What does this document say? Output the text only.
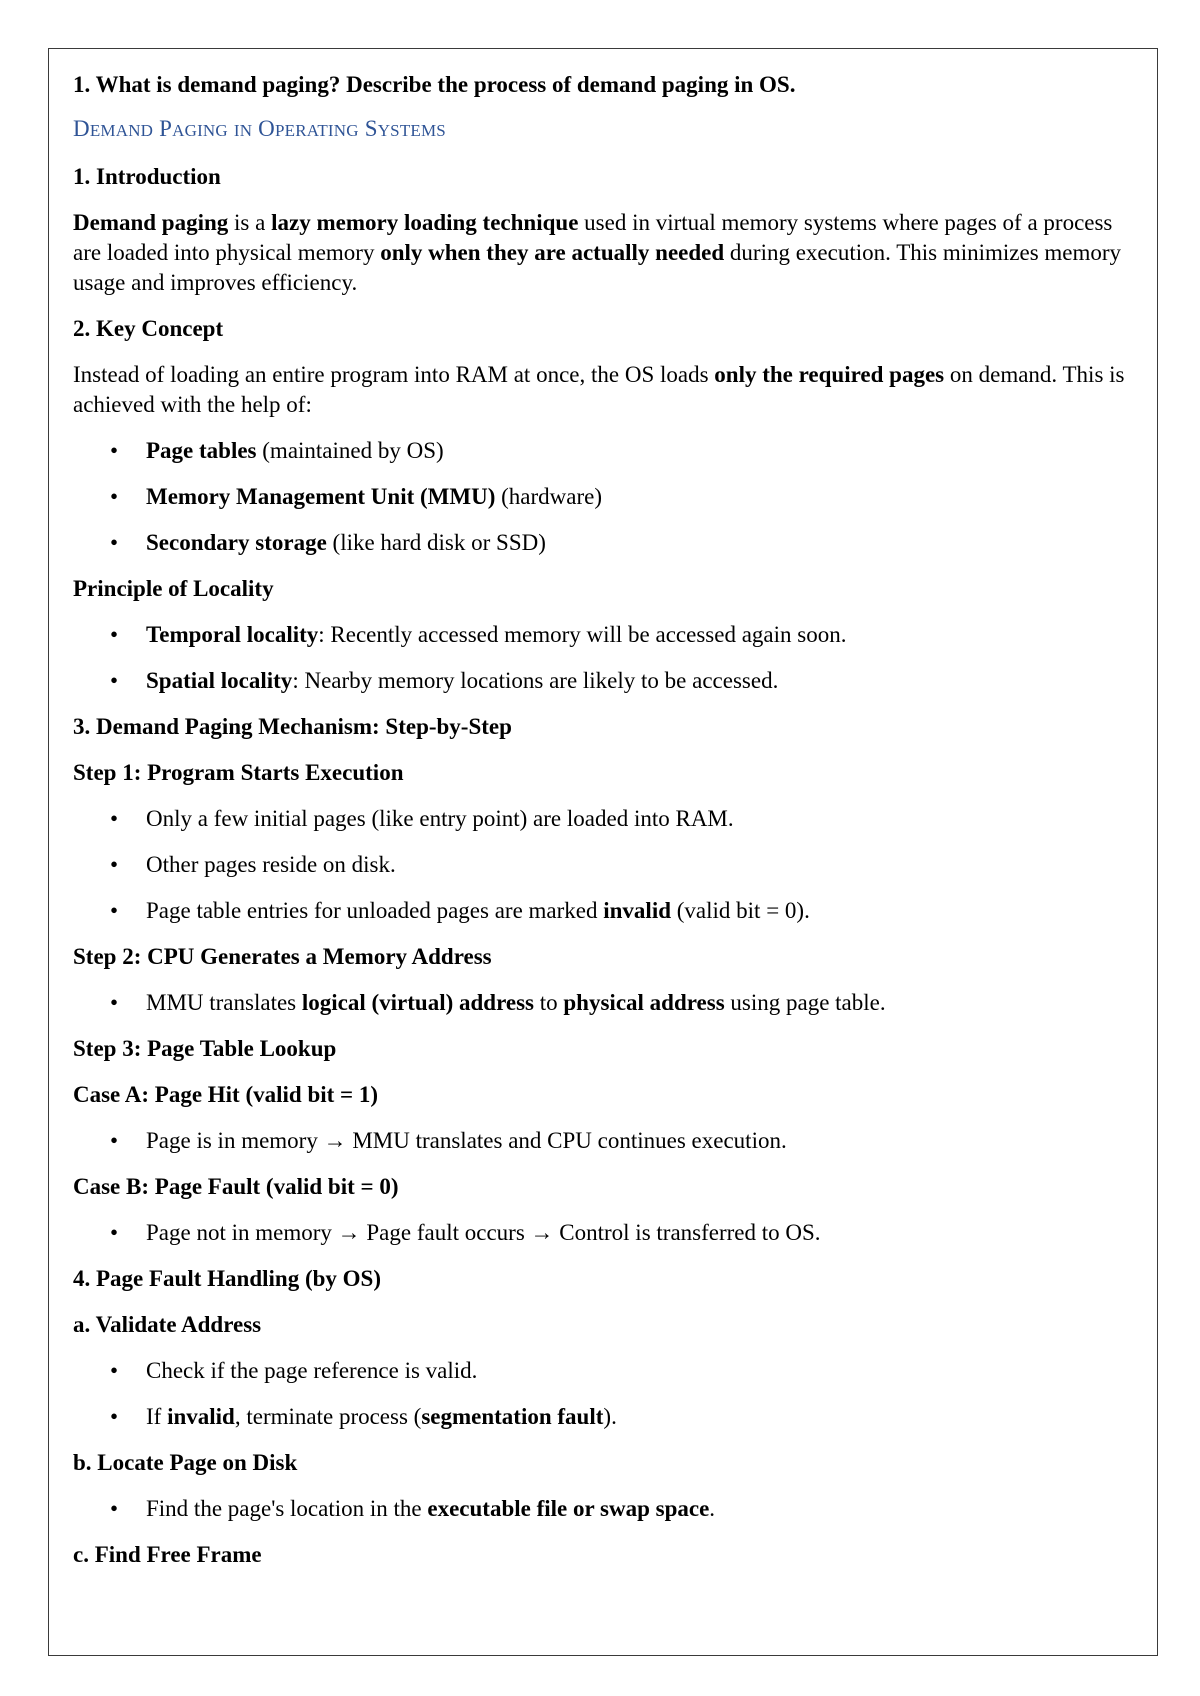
1. What is demand paging? Describe the process of demand paging in OS.
DEMAND PAGING IN OPERATING SYSTEMS
1. Introduction

Demand paging is a lazy memory loading technique used in virtual memory systems where pages of a process are loaded into physical memory only when they are actually needed during execution. This minimizes memory usage and improves efficiency.

2. Key Concept

Instead of loading an entire program into RAM at once, the OS loads only the required pages on demand. This is achieved with the help of:

• Page tables (maintained by OS)
• Memory Management Unit (MMU) (hardware)
• Secondary storage (like hard disk or SSD)
Principle of Locality
• Temporal locality: Recently accessed memory will be accessed again soon.
• Spatial locality: Nearby memory locations are likely to be accessed.
3. Demand Paging Mechanism: Step-by-Step
Step 1: Program Starts Execution
• Only a few initial pages (like entry point) are loaded into RAM.
• Other pages reside on disk.
• Page table entries for unloaded pages are marked invalid (valid bit = 0).
Step 2: CPU Generates a Memory Address
• MMU translates logical (virtual) address to physical address using page table.
Step 3: Page Table Lookup
Case A: Page Hit (valid bit = 1)
• Page is in memory → MMU translates and CPU continues execution.
Case B: Page Fault (valid bit = 0)
• Page not in memory → Page fault occurs → Control is transferred to OS.
4. Page Fault Handling (by OS)
a. Validate Address
• Check if the page reference is valid.
• If invalid, terminate process (segmentation fault).
b. Locate Page on Disk
• Find the page's location in the executable file or swap space.
c. Find Free Frame
